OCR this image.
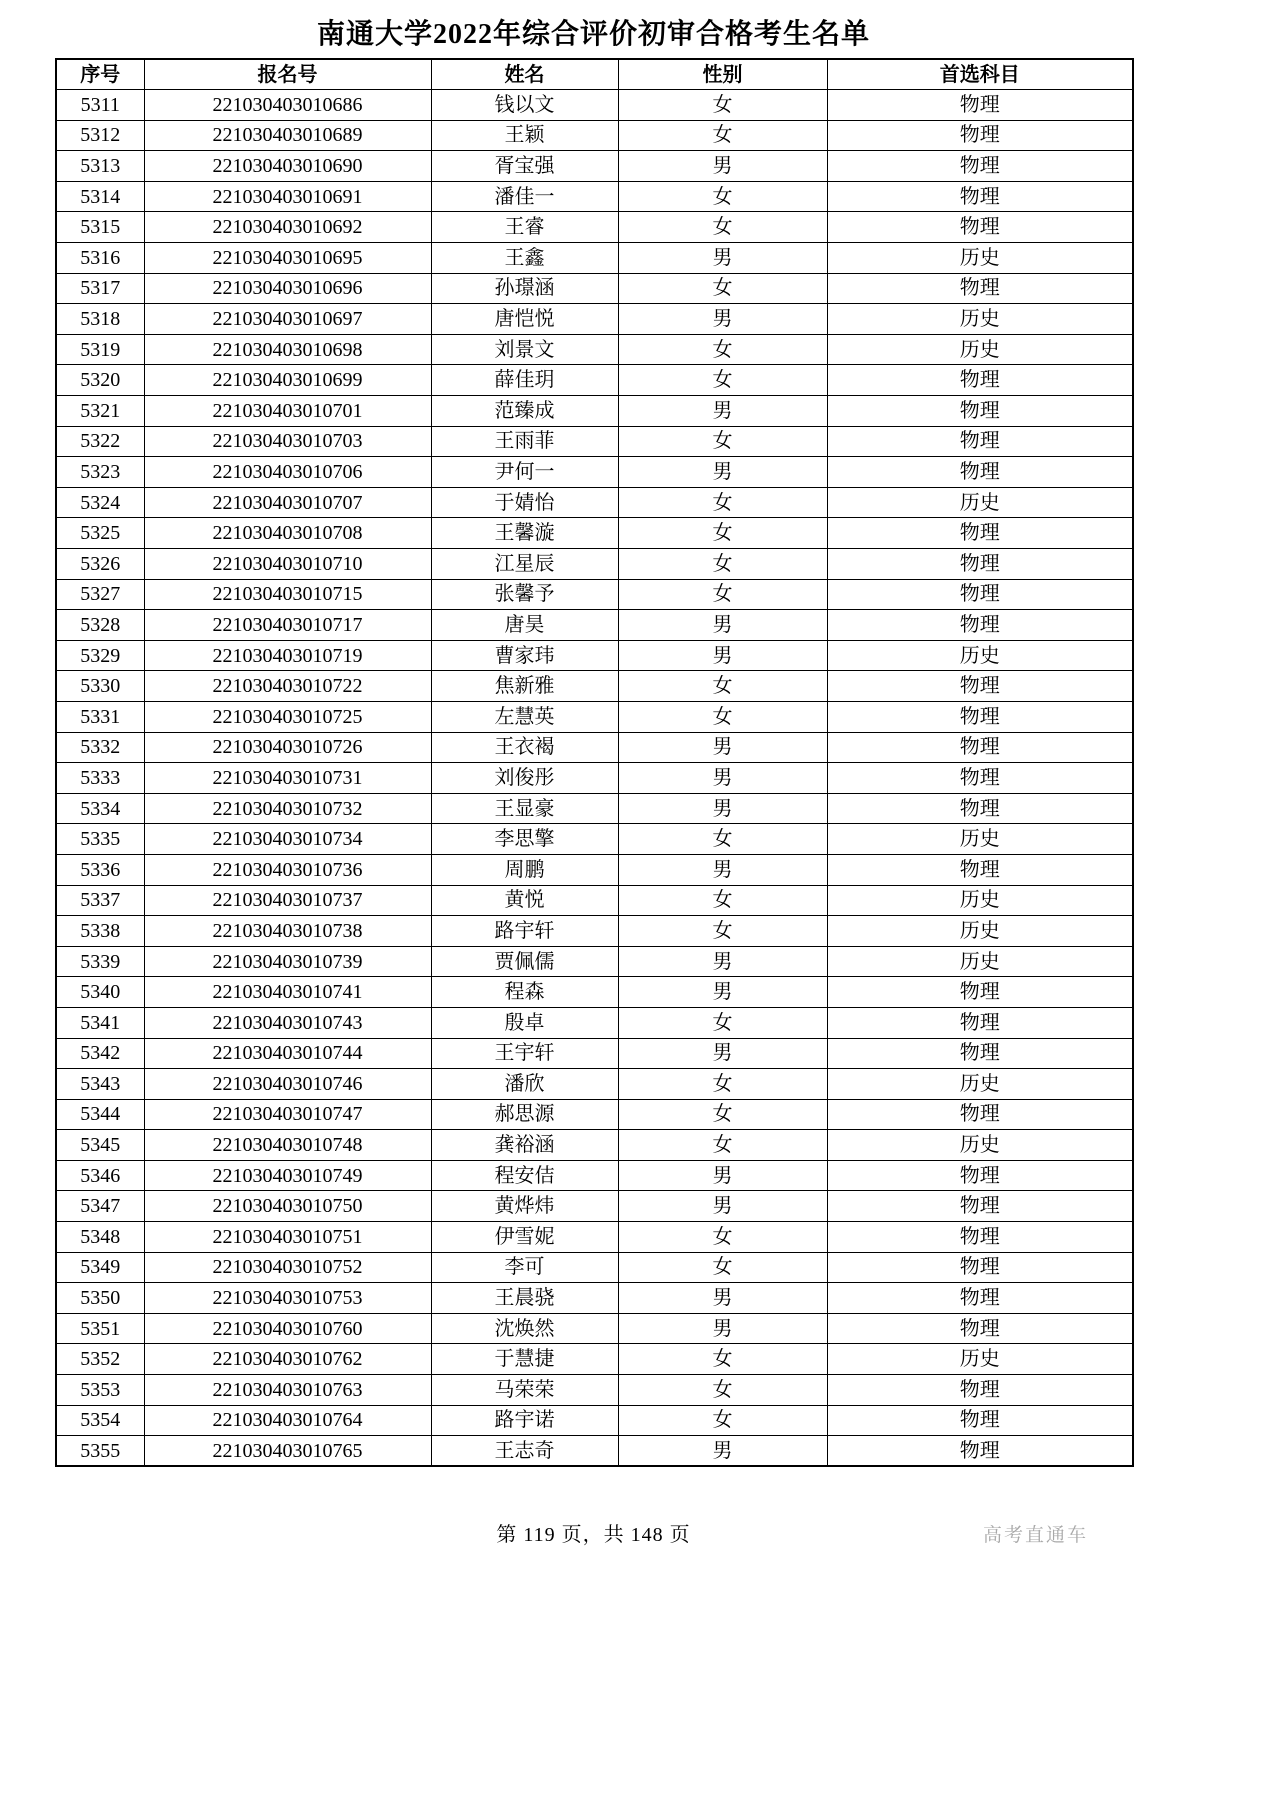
南通大学2022年综合评价初审合格考生名单
序号	报名号	姓名	性别	首选科目
5311	221030403010686	钱以文	女	物理
5312	221030403010689	王颖	女	物理
5313	221030403010690	胥宝强	男	物理
5314	221030403010691	潘佳一	女	物理
5315	221030403010692	王睿	女	物理
5316	221030403010695	王鑫	男	历史
5317	221030403010696	孙璟涵	女	物理
5318	221030403010697	唐恺悦	男	历史
5319	221030403010698	刘景文	女	历史
5320	221030403010699	薛佳玥	女	物理
5321	221030403010701	范臻成	男	物理
5322	221030403010703	王雨菲	女	物理
5323	221030403010706	尹何一	男	物理
5324	221030403010707	于婧怡	女	历史
5325	221030403010708	王馨漩	女	物理
5326	221030403010710	江星辰	女	物理
5327	221030403010715	张馨予	女	物理
5328	221030403010717	唐昊	男	物理
5329	221030403010719	曹家玮	男	历史
5330	221030403010722	焦新雅	女	物理
5331	221030403010725	左慧英	女	物理
5332	221030403010726	王衣褐	男	物理
5333	221030403010731	刘俊彤	男	物理
5334	221030403010732	王显豪	男	物理
5335	221030403010734	李思擎	女	历史
5336	221030403010736	周鹏	男	物理
5337	221030403010737	黄悦	女	历史
5338	221030403010738	路宇轩	女	历史
5339	221030403010739	贾佩儒	男	历史
5340	221030403010741	程森	男	物理
5341	221030403010743	殷卓	女	物理
5342	221030403010744	王宇轩	男	物理
5343	221030403010746	潘欣	女	历史
5344	221030403010747	郝思源	女	物理
5345	221030403010748	龚裕涵	女	历史
5346	221030403010749	程安佶	男	物理
5347	221030403010750	黄烨炜	男	物理
5348	221030403010751	伊雪妮	女	物理
5349	221030403010752	李可	女	物理
5350	221030403010753	王晨骁	男	物理
5351	221030403010760	沈焕然	男	物理
5352	221030403010762	于慧捷	女	历史
5353	221030403010763	马荣荣	女	物理
5354	221030403010764	路宇诺	女	物理
5355	221030403010765	王志奇	男	物理
第 119 页，共 148 页	高考直通车
